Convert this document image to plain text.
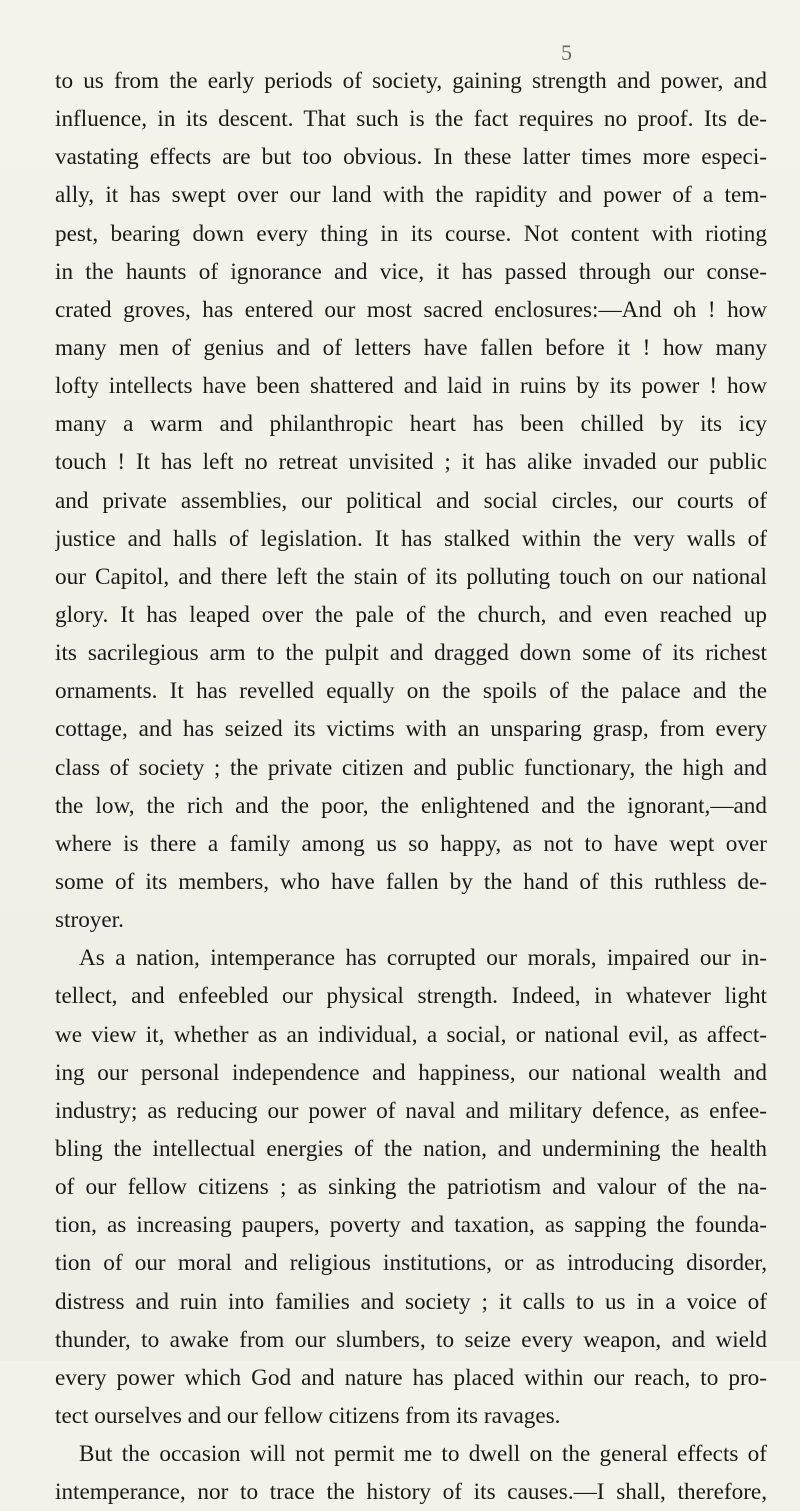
5
to us from the early periods of society, gaining strength and power, and
influence, in its descent. That such is the fact requires no proof. Its de-
vastating effects are but too obvious. In these latter times more especi-
ally, it has swept over our land with the rapidity and power of a tem-
pest, bearing down every thing in its course. Not content with rioting
in the haunts of ignorance and vice, it has passed through our conse-
crated groves, has entered our most sacred enclosures:—And oh ! how
many men of genius and of letters have fallen before it ! how many
lofty intellects have been shattered and laid in ruins by its power ! how
many a warm and philanthropic heart has been chilled by its icy
touch ! It has left no retreat unvisited ; it has alike invaded our public
and private assemblies, our political and social circles, our courts of
justice and halls of legislation. It has stalked within the very walls of
our Capitol, and there left the stain of its polluting touch on our national
glory. It has leaped over the pale of the church, and even reached up
its sacrilegious arm to the pulpit and dragged down some of its richest
ornaments. It has revelled equally on the spoils of the palace and the
cottage, and has seized its victims with an unsparing grasp, from every
class of society ; the private citizen and public functionary, the high and
the low, the rich and the poor, the enlightened and the ignorant,—and
where is there a family among us so happy, as not to have wept over
some of its members, who have fallen by the hand of this ruthless de-
stroyer.
As a nation, intemperance has corrupted our morals, impaired our in-
tellect, and enfeebled our physical strength. Indeed, in whatever light
we view it, whether as an individual, a social, or national evil, as affect-
ing our personal independence and happiness, our national wealth and
industry; as reducing our power of naval and military defence, as enfee-
bling the intellectual energies of the nation, and undermining the health
of our fellow citizens ; as sinking the patriotism and valour of the na-
tion, as increasing paupers, poverty and taxation, as sapping the founda-
tion of our moral and religious institutions, or as introducing disorder,
distress and ruin into families and society ; it calls to us in a voice of
thunder, to awake from our slumbers, to seize every weapon, and wield
every power which God and nature has placed within our reach, to pro-
tect ourselves and our fellow citizens from its ravages.
But the occasion will not permit me to dwell on the general effects of
intemperance, nor to trace the history of its causes.—I shall, therefore,
